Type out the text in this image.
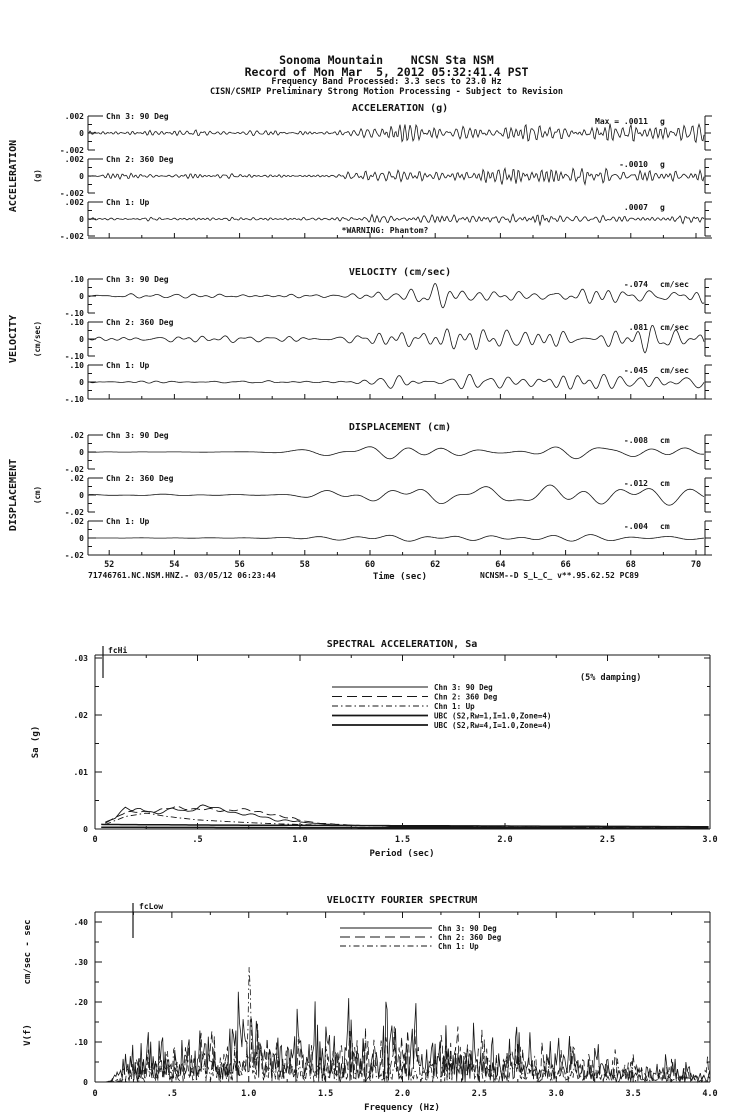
Sonoma Mountain    NCSN Sta NSM
Record of Mon Mar  5, 2012 05:32:41.4 PST
Frequency Band Processed: 3.3 secs to 23.0 Hz
CISN/CSMIP Preliminary Strong Motion Processing - Subject to Revision
ACCELERATION (g)
ACCELERATION (g)
.002
0
-.002
Chn 3: 90 Deg
Max = .0011 g
.002
0
-.002
Chn 2: 360 Deg
-.0010 g
.002
0
-.002
Chn 1: Up
.0007 g
*WARNING: Phantom?
VELOCITY (cm/sec)
VELOCITY (cm/sec)
.10
0
-.10
Chn 3: 90 Deg
-.074 cm/sec
.10
0
-.10
Chn 2: 360 Deg
.081 cm/sec
.10
0
-.10
Chn 1: Up
-.045 cm/sec
DISPLACEMENT (cm)
DISPLACEMENT (cm)
.02
0
-.02
Chn 3: 90 Deg
-.008 cm
.02
0
-.02
Chn 2: 360 Deg
-.012 cm
.02
0
-.02
Chn 1: Up
-.004 cm
52	54	56	58	60	62	64	66	68	70
Time (sec)
71746761.NC.NSM.HNZ.- 03/05/12 06:23:44	NCNSM--D S_L_C_ v**.95.62.52 PC89
SPECTRAL ACCELERATION, Sa
.03
.02
.01
0
0	.5	1.0	1.5	2.0	2.5	3.0
Period (sec)
Sa (g)
fcHi
(5% damping)
Chn 3: 90 Deg
Chn 2: 360 Deg
Chn 1: Up
UBC (S2,Rw=1,I=1.0,Zone=4)
UBC (S2,Rw=4,I=1.0,Zone=4)
VELOCITY FOURIER SPECTRUM
.40
.30
.20
.10
0
0	.5	1.0	1.5	2.0	2.5	3.0	3.5	4.0
Frequency (Hz)
V(f)
cm/sec - sec
fcLow
Chn 3: 90 Deg
Chn 2: 360 Deg
Chn 1: Up
